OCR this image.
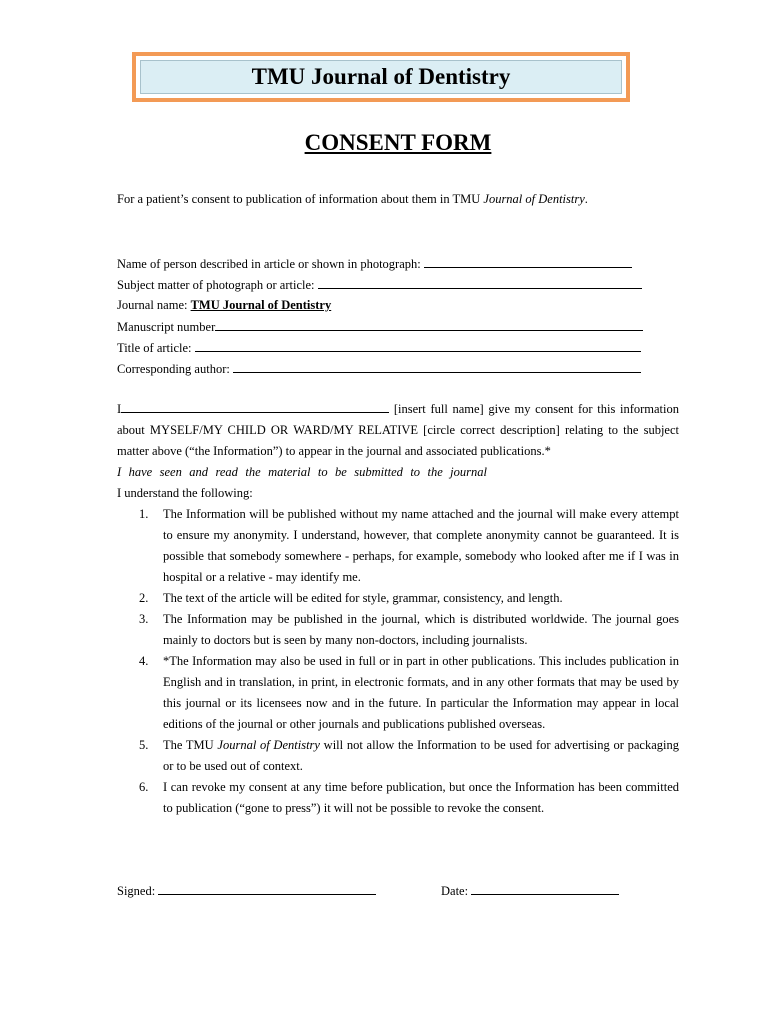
TMU Journal of Dentistry
CONSENT FORM
For a patient’s consent to publication of information about them in TMU Journal of Dentistry.
Name of person described in article or shown in photograph:
Subject matter of photograph or article:
Journal name: TMU Journal of Dentistry
Manuscript number
Title of article:
Corresponding author:

I	[insert full name] give my consent for this information

about MYSELF/MY CHILD OR WARD/MY RELATIVE [circle correct description] relating to the subject

matter above (“the Information”) to appear in the journal and associated publications.*

I have seen and read the material to be submitted to the journal

I understand the following:

1. The Information will be published without my name attached and the journal will make every attempt to ensure my anonymity. I understand, however, that complete anonymity cannot be guaranteed. It is possible that somebody somewhere - perhaps, for example, somebody who looked after me if I was in hospital or a relative - may identify me.
2. The text of the article will be edited for style, grammar, consistency, and length.
3. The Information may be published in the journal, which is distributed worldwide. The journal goes mainly to doctors but is seen by many non-doctors, including journalists.
4. *The Information may also be used in full or in part in other publications. This includes publication in English and in translation, in print, in electronic formats, and in any other formats that may be used by this journal or its licensees now and in the future. In particular the Information may appear in local editions of the journal or other journals and publications published overseas.
5. The TMU Journal of Dentistry will not allow the Information to be used for advertising or packaging or to be used out of context.
6. I can revoke my consent at any time before publication, but once the Information has been committed to publication (“gone to press”) it will not be possible to revoke the consent.
Signed:	Date:
